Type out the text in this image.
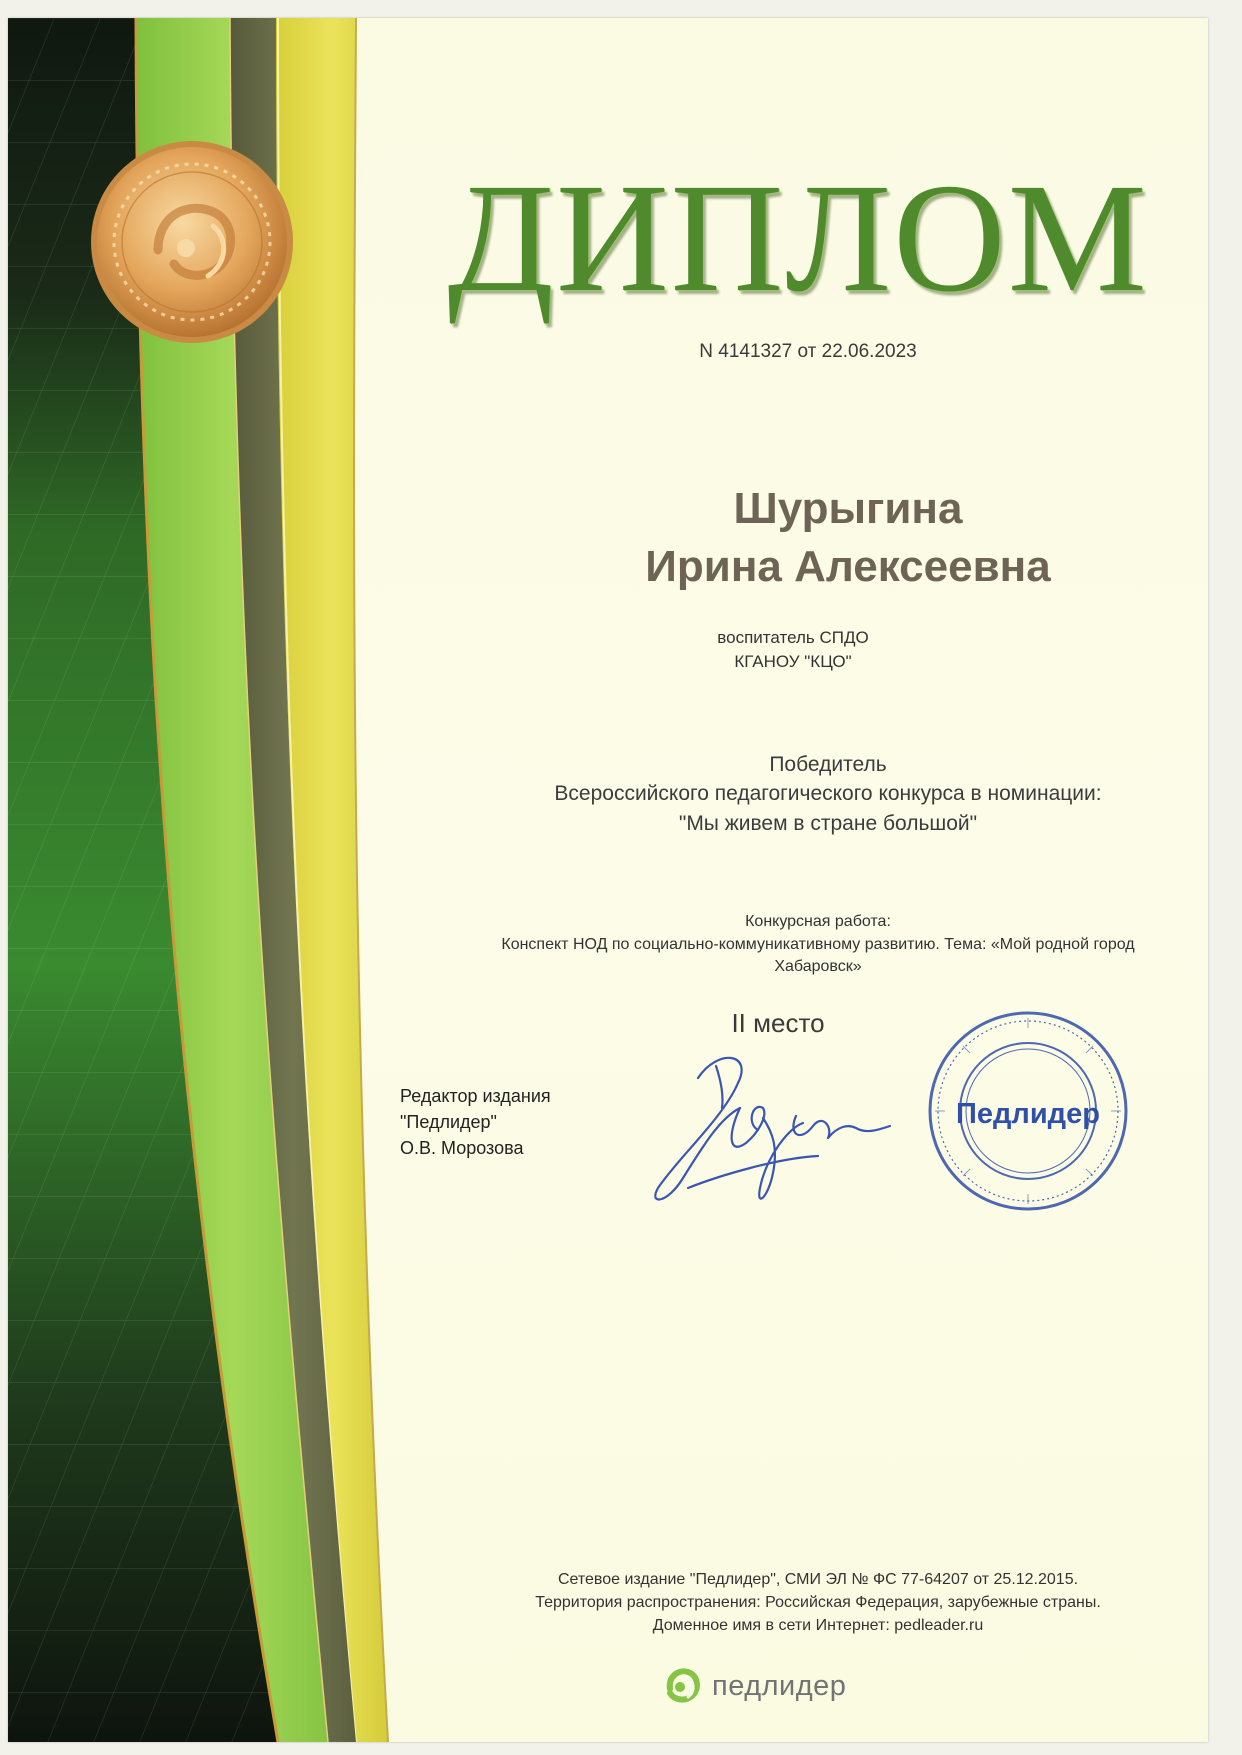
ДИПЛОМ
N 4141327 от 22.06.2023
Шурыгина
Ирина Алексеевна
воспитатель СПДО
КГАНОУ "КЦО"
Победитель
Всероссийского педагогического конкурса в номинации:
"Мы живем в стране большой"
Конкурсная работа:
Конспект НОД по социально-коммуникативному развитию. Тема: «Мой родной город
Хабаровск»
II место
Редактор издания
"Педлидер"
О.В. Морозова
Педлидер
Сетевое издание "Педлидер", СМИ ЭЛ № ФС 77-64207 от 25.12.2015.
Территория распространения: Российская Федерация, зарубежные страны.
Доменное имя в сети Интернет: pedleader.ru
педлидер
